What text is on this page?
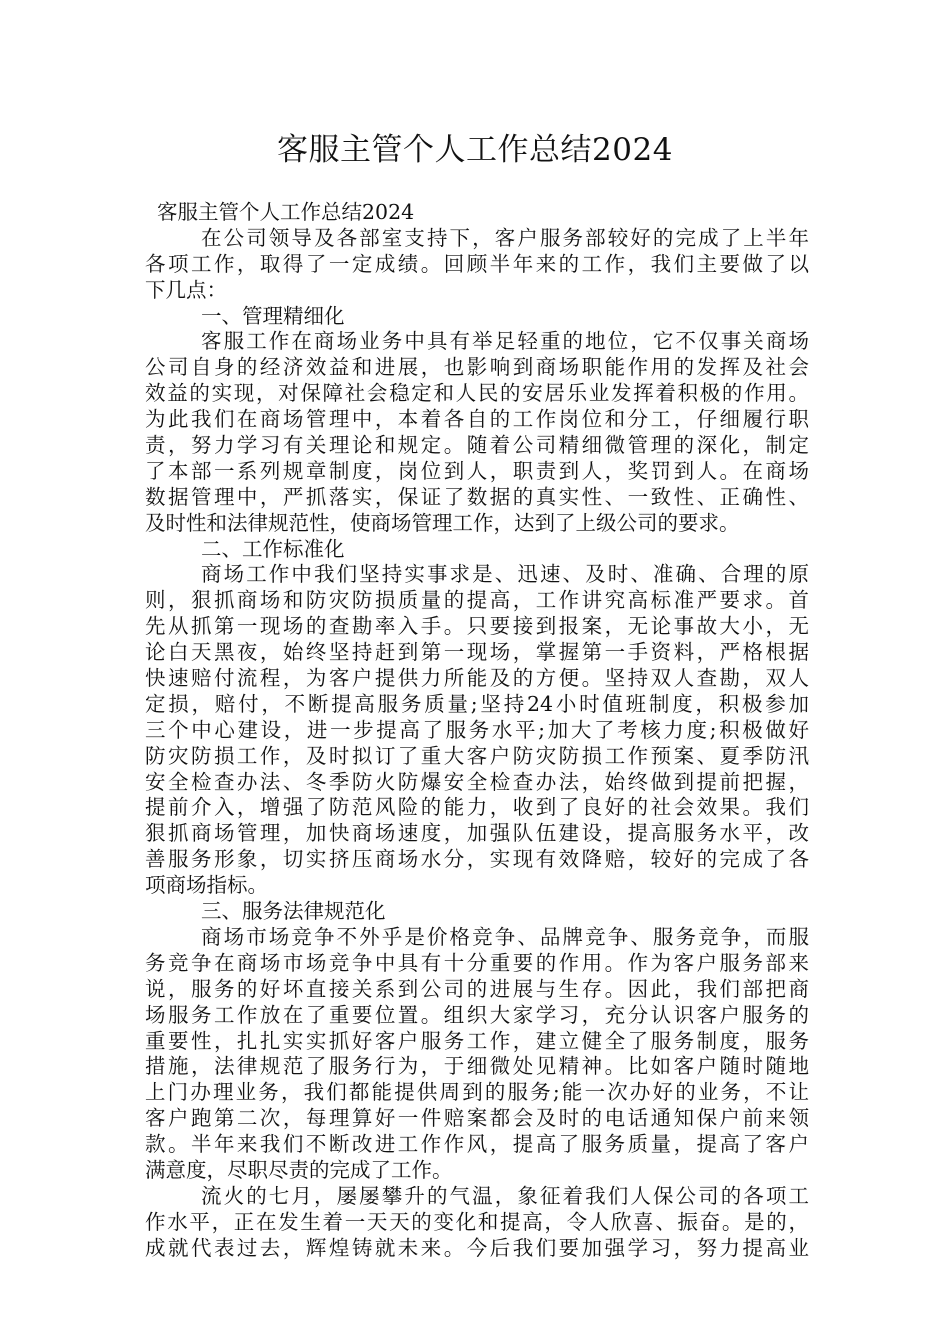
客服主管个人工作总结2024
客服主管个人工作总结2024
在公司领导及各部室支持下，客户服务部较好的完成了上半年
各项工作，取得了一定成绩。回顾半年来的工作，我们主要做了以
下几点：
一、管理精细化
客服工作在商场业务中具有举足轻重的地位，它不仅事关商场
公司自身的经济效益和进展，也影响到商场职能作用的发挥及社会
效益的实现，对保障社会稳定和人民的安居乐业发挥着积极的作用。
为此我们在商场管理中，本着各自的工作岗位和分工，仔细履行职
责，努力学习有关理论和规定。随着公司精细微管理的深化，制定
了本部一系列规章制度，岗位到人，职责到人，奖罚到人。在商场
数据管理中，严抓落实，保证了数据的真实性、一致性、正确性、
及时性和法律规范性，使商场管理工作，达到了上级公司的要求。
二、工作标准化
商场工作中我们坚持实事求是、迅速、及时、准确、合理的原
则，狠抓商场和防灾防损质量的提高，工作讲究高标准严要求。首
先从抓第一现场的查勘率入手。只要接到报案，无论事故大小，无
论白天黑夜，始终坚持赶到第一现场，掌握第一手资料，严格根据
快速赔付流程，为客户提供力所能及的方便。坚持双人查勘，双人
定损，赔付，不断提高服务质量;坚持24小时值班制度，积极参加
三个中心建设，进一步提高了服务水平;加大了考核力度;积极做好
防灾防损工作，及时拟订了重大客户防灾防损工作预案、夏季防汛
安全检查办法、冬季防火防爆安全检查办法，始终做到提前把握，
提前介入，增强了防范风险的能力，收到了良好的社会效果。我们
狠抓商场管理，加快商场速度，加强队伍建设，提高服务水平，改
善服务形象，切实挤压商场水分，实现有效降赔，较好的完成了各
项商场指标。
三、服务法律规范化
商场市场竞争不外乎是价格竞争、品牌竞争、服务竞争，而服
务竞争在商场市场竞争中具有十分重要的作用。作为客户服务部来
说，服务的好坏直接关系到公司的进展与生存。因此，我们部把商
场服务工作放在了重要位置。组织大家学习，充分认识客户服务的
重要性，扎扎实实抓好客户服务工作，建立健全了服务制度，服务
措施，法律规范了服务行为，于细微处见精神。比如客户随时随地
上门办理业务，我们都能提供周到的服务;能一次办好的业务，不让
客户跑第二次，每理算好一件赔案都会及时的电话通知保户前来领
款。半年来我们不断改进工作作风，提高了服务质量，提高了客户
满意度，尽职尽责的完成了工作。
流火的七月，屡屡攀升的气温，象征着我们人保公司的各项工
作水平，正在发生着一天天的变化和提高，令人欣喜、振奋。是的，
成就代表过去，辉煌铸就未来。今后我们要加强学习，努力提高业
